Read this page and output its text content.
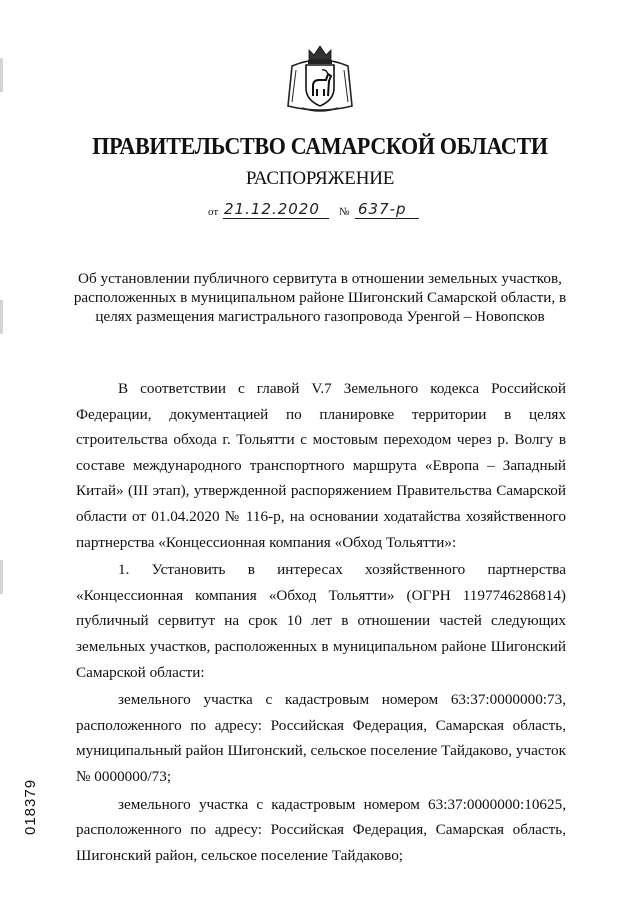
ПРАВИТЕЛЬСТВО САМАРСКОЙ ОБЛАСТИ
РАСПОРЯЖЕНИЕ
от 21.12.2020 № 637-р
Об установлении публичного сервитута в отношении земельных участков, расположенных в муниципальном районе Шигонский Самарской области, в целях размещения магистрального газопровода Уренгой – Новопсков

В соответствии с главой V.7 Земельного кодекса Российской Федерации, документацией по планировке территории в целях строительства обхода г. Тольятти с мостовым переходом через р. Волгу в составе международного транспортного маршрута «Европа – Западный Китай» (III этап), утвержденной распоряжением Правительства Самарской области от 01.04.2020 № 116-р, на основании ходатайства хозяйственного партнерства «Концессионная компания «Обход Тольятти»:

1. Установить в интересах хозяйственного партнерства «Концессионная компания «Обход Тольятти» (ОГРН 1197746286814) публичный сервитут на срок 10 лет в отношении частей следующих земельных участков, расположенных в муниципальном районе Шигонский Самарской области:

земельного участка с кадастровым номером 63:37:0000000:73, расположенного по адресу: Российская Федерация, Самарская область, муниципальный район Шигонский, сельское поселение Тайдаково, участок № 0000000/73;

земельного участка с кадастровым номером 63:37:0000000:10625, расположенного по адресу: Российская Федерация, Самарская область, Шигонский район, сельское поселение Тайдаково;

018379
